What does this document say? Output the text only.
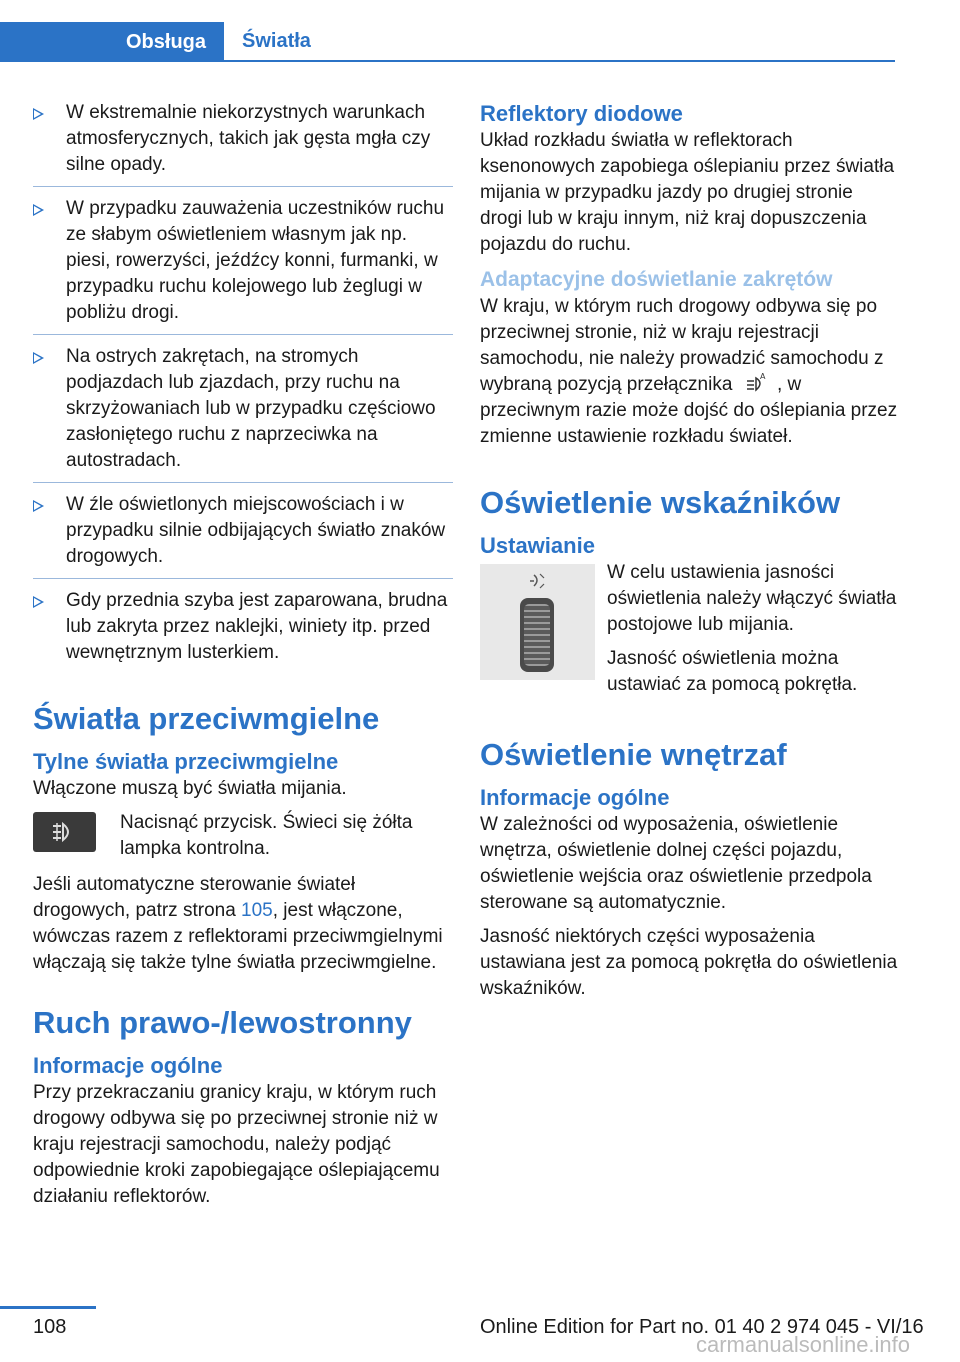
Obsługa	Światła
W ekstremalnie niekorzystnych warunkach atmosferycznych, takich jak gęsta mgła czy silne opady.
W przypadku zauważenia uczestników ruchu ze słabym oświetleniem własnym jak np. piesi, rowerzyści, jeźdźcy konni, furmanki, w przypadku ruchu kolejowego lub żeglugi w pobliżu drogi.
Na ostrych zakrętach, na stromych podjazdach lub zjazdach, przy ruchu na skrzyżowaniach lub w przypadku częściowo zasłoniętego ruchu z naprzeciwka na autostradach.
W źle oświetlonych miejscowościach i w przypadku silnie odbijających światło znaków drogowych.
Gdy przednia szyba jest zaparowana, brudna lub zakryta przez naklejki, winiety itp. przed wewnętrznym lusterkiem.
Światła przeciwmgielne
Tylne światła przeciwmgielne

Włączone muszą być światła mijania.

Nacisnąć przycisk. Świeci się żółta lampka kontrolna.

Jeśli automatyczne sterowanie świateł drogowych, patrz strona 105, jest włączone, wówczas razem z reflektorami przeciwmgielnymi włączają się także tylne światła przeciwmgielne.

Ruch prawo-/lewostronny
Informacje ogólne

Przy przekraczaniu granicy kraju, w którym ruch drogowy odbywa się po przeciwnej stronie niż w kraju rejestracji samochodu, należy podjąć odpowiednie kroki zapobiegające oślepiającemu działaniu reflektorów.

Reflektory diodowe

Układ rozkładu światła w reflektorach ksenonowych zapobiega oślepianiu przez światła mijania w przypadku jazdy po drugiej stronie drogi lub w kraju innym, niż kraj dopuszczenia pojazdu do ruchu.

Adaptacyjne doświetlanie zakrętów

W kraju, w którym ruch drogowy odbywa się po przeciwnej stronie, niż w kraju rejestracji samochodu, nie należy prowadzić samochodu z wybraną pozycją przełącznika	A , w przeciwnym razie może dojść do oślepiania przez zmienne ustawienie rozkładu świateł.

Oświetlenie wskaźników
Ustawianie

W celu ustawienia jasności oświetlenia należy włączyć światła postojowe lub mijania.

Jasność oświetlenia można ustawiać za pomocą pokrętła.

Oświetlenie wnętrzaf
Informacje ogólne

W zależności od wyposażenia, oświetlenie wnętrza, oświetlenie dolnej części pojazdu, oświetlenie wejścia oraz oświetlenie przedpola sterowane są automatycznie.

Jasność niektórych części wyposażenia ustawiana jest za pomocą pokrętła do oświetlenia wskaźników.

108	Online Edition for Part no. 01 40 2 974 045 - VI/16
carmanualsonline.info
